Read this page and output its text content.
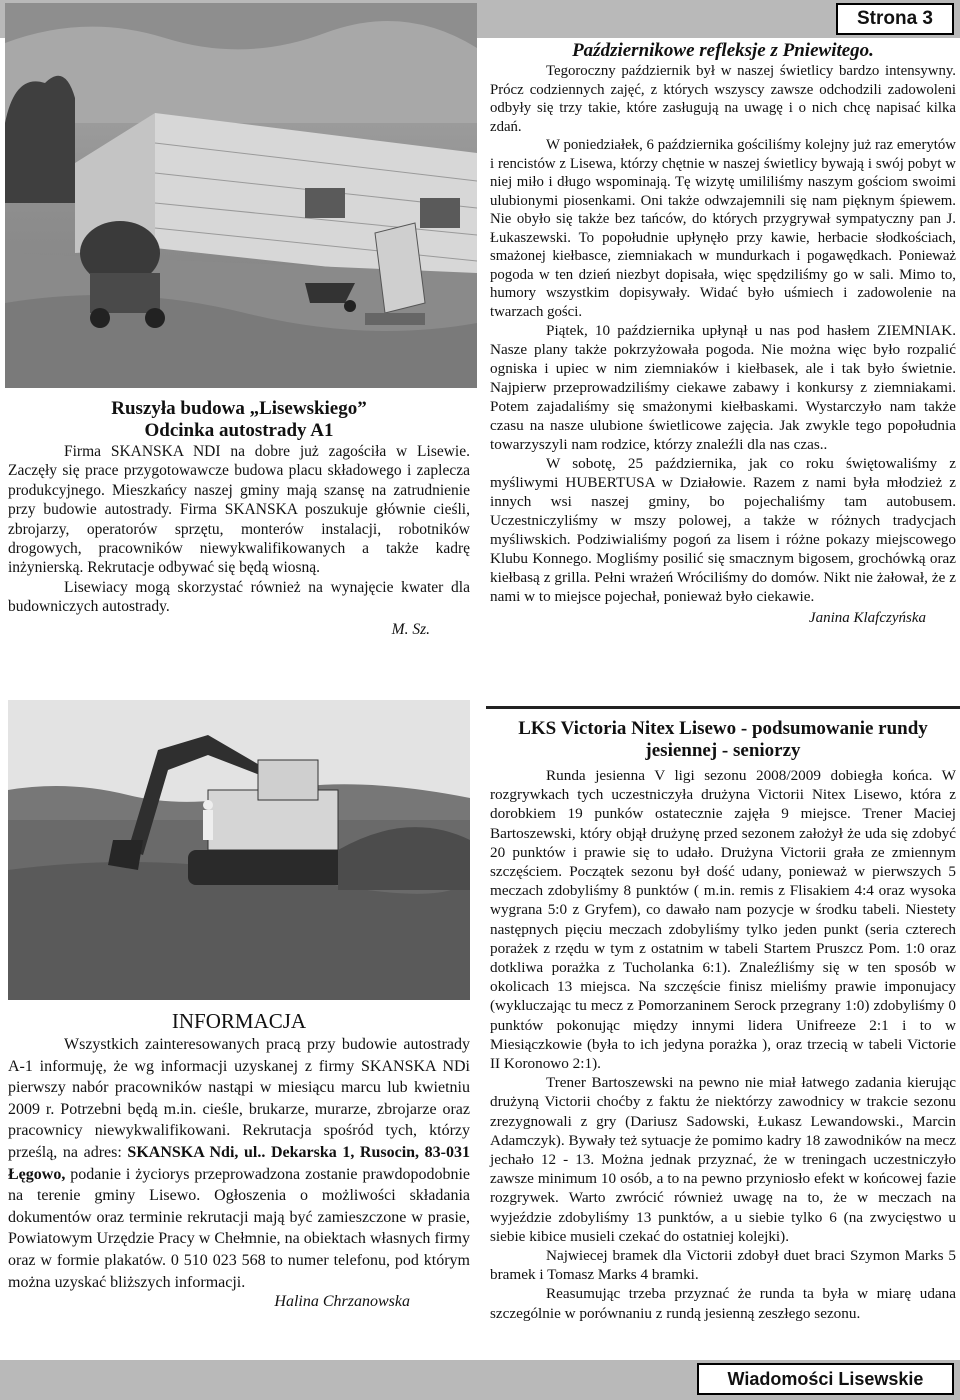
Strona 3
Ruszyła budowa „Lisewskiego”
Odcinka autostrady A1

Firma SKANSKA NDI na dobre już zagościła w Lisewie. Zaczęły się prace przygotowawcze budowa placu składowego i zaplecza produkcyjnego. Mieszkańcy naszej gminy mają szansę na zatrudnienie przy budowie autostrady. Firma SKANSKA poszukuje głównie cieśli, zbrojarzy, operatorów sprzętu, monterów instalacji, robotników drogowych, pracowników niewykwalifikowanych a także kadrę inżynierską. Rekrutacje odbywać się będą wiosną.

Lisewiacy mogą skorzystać również na wynajęcie kwater dla budowniczych autostrady.

M. Sz.
INFORMACJA

Wszystkich zainteresowanych pracą przy budowie autostrady A-1 informuję, że wg informacji uzyskanej z firmy SKANSKA NDi pierwszy nabór pracowników nastąpi w miesiącu marcu lub kwietniu 2009 r. Potrzebni będą m.in. cieśle, brukarze, murarze, zbrojarze oraz pracownicy niewykwalifikowani. Rekrutacja spośród tych, którzy prześlą, na adres: SKANSKA Ndi, ul.. Dekarska 1, Rusocin, 83-031 Łęgowo, podanie i życiorys przeprowadzona zostanie prawdopodobnie na terenie gminy Lisewo. Ogłoszenia o możliwości składania dokumentów oraz terminie rekrutacji mają być zamieszczone w prasie, Powiatowym Urzędzie Pracy w Chełmnie, na obiektach własnych firmy oraz w formie plakatów. 0 510 023 568 to numer telefonu, pod którym można uzyskać bliższych informacji.

Halina Chrzanowska
Październikowe refleksje z Pniewitego.

Tegoroczny październik był w naszej świetlicy bardzo intensywny. Prócz codziennych zajęć, z których wszyscy zawsze odchodzili zadowoleni odbyły się trzy takie, które zasługują na uwagę i o nich chcę napisać kilka zdań.

W poniedziałek, 6 października gościliśmy kolejny już raz emerytów i rencistów z Lisewa, którzy chętnie w naszej świetlicy bywają i swój pobyt w niej miło i długo wspominają. Tę wizytę umililiśmy naszym gościom swoimi ulubionymi piosenkami. Oni także odwzajemnili się nam pięknym śpiewem. Nie obyło się także bez tańców, do których przygrywał sympatyczny pan J. Łukaszewski. To popołudnie upłynęło przy kawie, herbacie słodkościach, smażonej kiełbasce, ziemniakach w mundurkach i pogawędkach. Ponieważ pogoda w ten dzień niezbyt dopisała, więc spędziliśmy go w sali. Mimo to, humory wszystkim dopisywały. Widać było uśmiech i zadowolenie na twarzach gości.

Piątek, 10 października upłynął u nas pod hasłem ZIEMNIAK. Nasze plany także pokrzyżowała pogoda. Nie można więc było rozpalić ogniska i upiec w nim ziemniaków i kiełbasek, ale i tak było świetnie. Najpierw przeprowadziliśmy ciekawe zabawy i konkursy z ziemniakami. Potem zajadaliśmy się smażonymi kiełbaskami. Wystarczyło nam także czasu na nasze ulubione świetlicowe zajęcia. Jak zwykle tego popołudnia towarzyszyli nam rodzice, którzy znaleźli dla nas czas..

W sobotę, 25 października, jak co roku świętowaliśmy z myśliwymi HUBERTUSA w Działowie. Razem z nami była młodzież z innych wsi naszej gminy, bo pojechaliśmy tam autobusem. Uczestniczyliśmy w mszy polowej, a także w różnych tradycjach myśliwskich. Podziwialiśmy pogoń za lisem i różne pokazy miejscowego Klubu Konnego. Mogliśmy posilić się smacznym bigosem, grochówką oraz kiełbasą z grilla. Pełni wrażeń Wróciliśmy do domów. Nikt nie żałował, że z nami w to miejsce pojechał, ponieważ było ciekawie.

Janina Klafczyńska
LKS Victoria Nitex Lisewo - podsumowanie rundy
jesiennej - seniorzy

Runda jesienna V ligi sezonu 2008/2009 dobiegła końca. W rozgrywkach tych uczestniczyła drużyna Victorii Nitex Lisewo, która z dorobkiem 19 punków ostatecznie zajęła 9 miejsce. Trener Maciej Bartoszewski, który objął drużynę przed sezonem założył że uda się zdobyć 20 punktów i prawie się to udało. Drużyna Victorii grała ze zmiennym szczęściem. Początek sezonu był dość udany, ponieważ w pierwszych 5 meczach zdobyliśmy 8 punktów ( m.in. remis z Flisakiem 4:4 oraz wysoka wygrana 5:0 z Gryfem), co dawało nam pozycje w środku tabeli. Niestety następnych pięciu meczach zdobyliśmy tylko jeden punkt (seria czterech porażek z rzędu w tym z ostatnim w tabeli Startem Pruszcz Pom. 1:0 oraz dotkliwa porażka z Tucholanka 6:1). Znaleźliśmy się w ten sposób w okolicach 13 miejsca. Na szczęście finisz mieliśmy prawie imponujacy (wykluczając tu mecz z Pomorzaninem Serock przegrany 1:0) zdobyliśmy 0 punktów pokonując między innymi lidera Unifreeze 2:1 i to w Miesiączkowie (była to ich jedyna porażka ), oraz trzecią w tabeli Victorie II Koronowo 2:1).

Trener Bartoszewski na pewno nie miał łatwego zadania kierując drużyną Victorii choćby z faktu że niektórzy zawodnicy w trakcie sezonu zrezygnowali z gry (Dariusz Sadowski, Łukasz Lewandowski., Marcin Adamczyk). Bywały też sytuacje że pomimo kadry 18 zawodników na mecz jechało 12 - 13. Można jednak przyznać, że w treningach uczestniczyło zawsze minimum 10 osób, a to na pewno przyniosło efekt w końcowej fazie rozgrywek. Warto zwrócić również uwagę na to, że w meczach na wyjeździe zdobyliśmy 13 punktów, a u siebie tylko 6 (na zwycięstwo u siebie kibice musieli czekać do ostatniej kolejki).

Najwiecej bramek dla Victorii zdobył duet braci Szymon Marks 5 bramek i Tomasz Marks 4 bramki.

Reasumując trzeba przyznać że runda ta była w miarę udana szczególnie w porównaniu z rundą jesienną zeszłego sezonu.

Wiadomości Lisewskie
